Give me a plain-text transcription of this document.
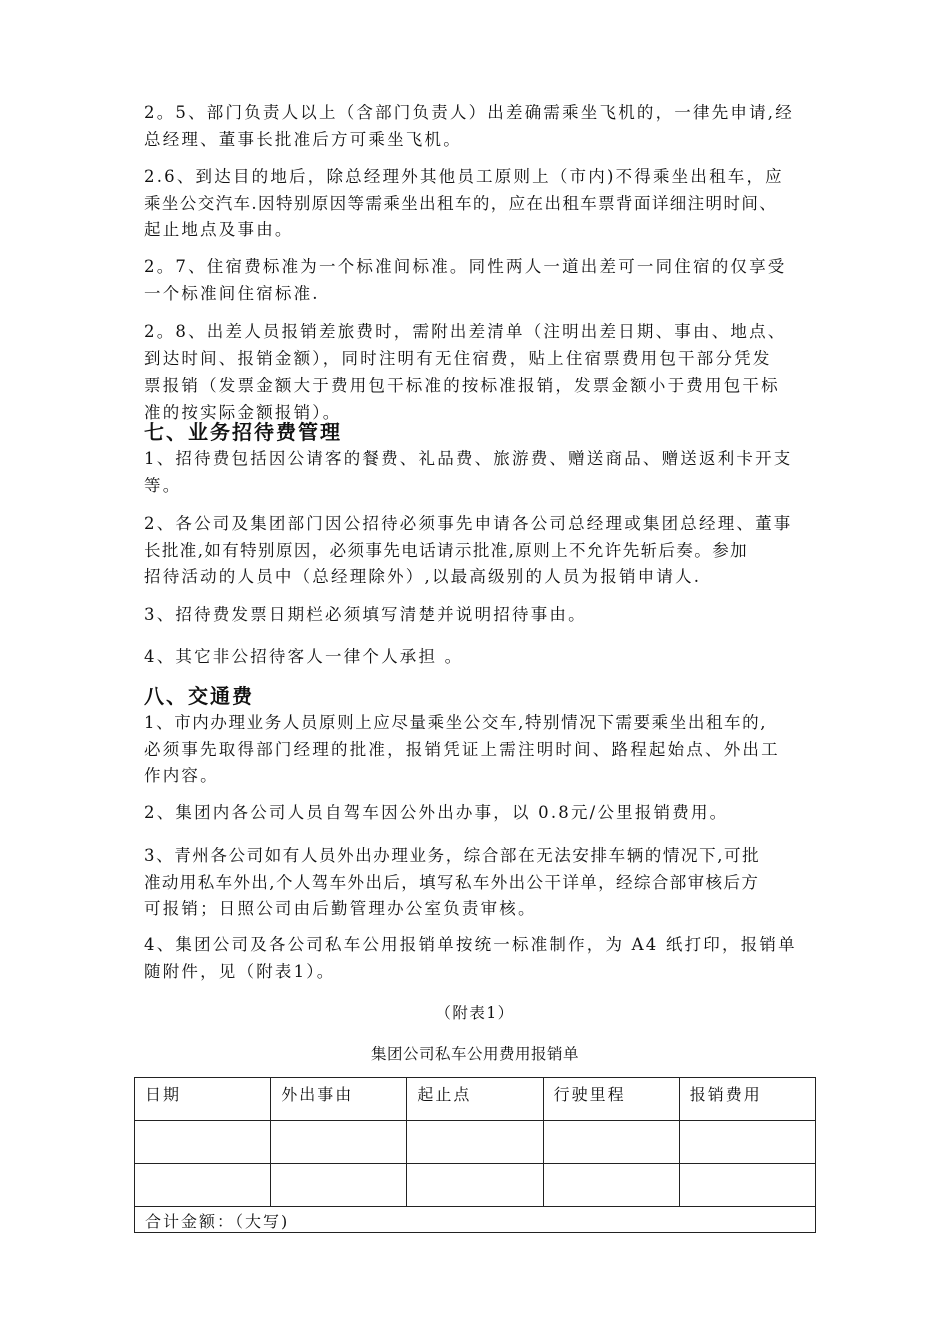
2。5、部门负责人以上（含部门负责人）出差确需乘坐飞机的，一律先申请,经
总经理、董事长批准后方可乘坐飞机。
2.6、到达目的地后，除总经理外其他员工原则上（市内)不得乘坐出租车，应
乘坐公交汽车.因特别原因等需乘坐出租车的，应在出租车票背面详细注明时间、
起止地点及事由。
2。7、住宿费标准为一个标准间标准。同性两人一道出差可一同住宿的仅享受
一个标准间住宿标准.
2。8、出差人员报销差旅费时，需附出差清单（注明出差日期、事由、地点、
到达时间、报销金额），同时注明有无住宿费，贴上住宿票费用包干部分凭发
票报销（发票金额大于费用包干标准的按标准报销，发票金额小于费用包干标
准的按实际金额报销）。
七、业务招待费管理
1、招待费包括因公请客的餐费、礼品费、旅游费、赠送商品、赠送返利卡开支
等。
2、各公司及集团部门因公招待必须事先申请各公司总经理或集团总经理、董事
长批准,如有特别原因，必须事先电话请示批准,原则上不允许先斩后奏。参加
招待活动的人员中（总经理除外）,以最高级别的人员为报销申请人.
3、招待费发票日期栏必须填写清楚并说明招待事由。
4、其它非公招待客人一律个人承担 。
八、交通费
1、市内办理业务人员原则上应尽量乘坐公交车,特别情况下需要乘坐出租车的,
必须事先取得部门经理的批准，报销凭证上需注明时间、路程起始点、外出工
作内容。
2、集团内各公司人员自驾车因公外出办事，以 0.8元/公里报销费用。
3、青州各公司如有人员外出办理业务，综合部在无法安排车辆的情况下,可批
准动用私车外出,个人驾车外出后，填写私车外出公干详单，经综合部审核后方
可报销；日照公司由后勤管理办公室负责审核。
4、集团公司及各公司私车公用报销单按统一标准制作，为 A4 纸打印，报销单
随附件，见（附表1）。

（附表1）

集团公司私车公用费用报销单

日期	外出事由	起止点	行驶里程	报销费用

合计金额：（大写)				
